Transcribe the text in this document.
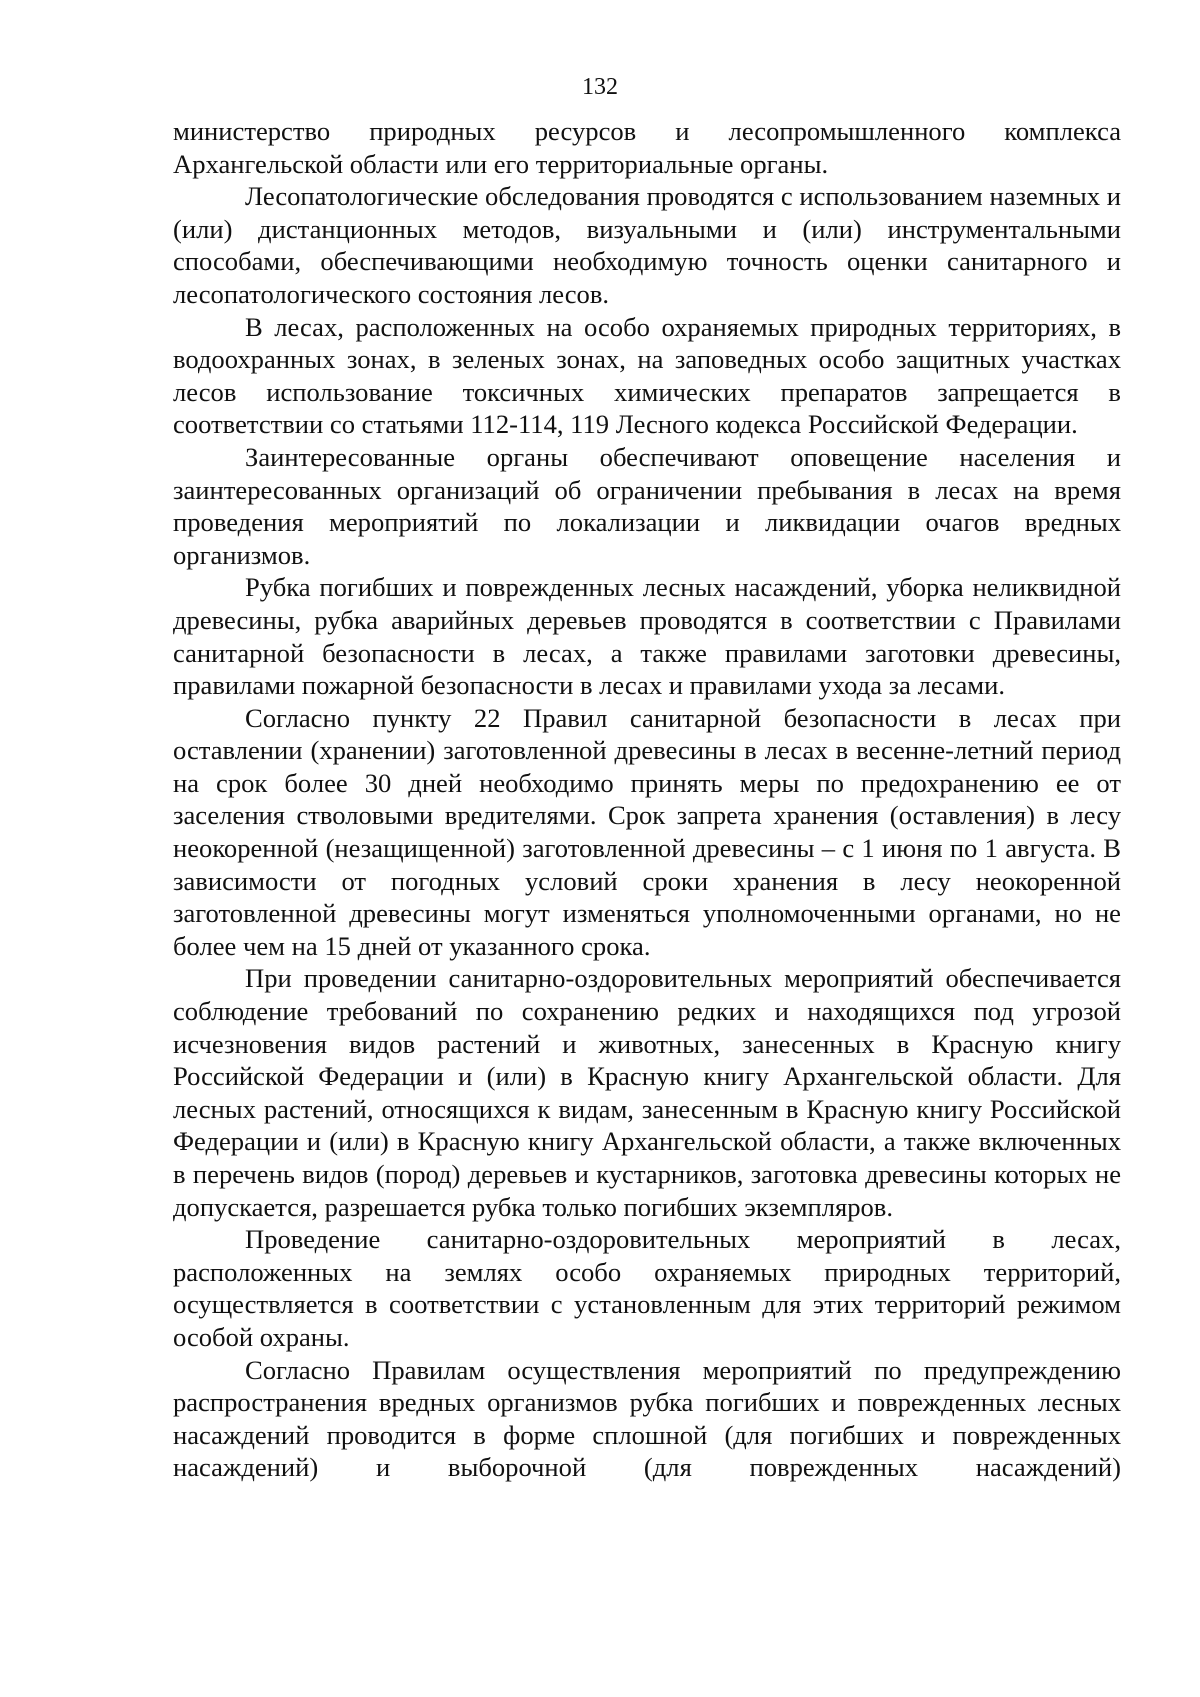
132

министерство природных ресурсов и лесопромышленного комплекса Архангельской области или его территориальные органы.

Лесопатологические обследования проводятся с использованием наземных и (или) дистанционных методов, визуальными и (или) инструментальными способами, обеспечивающими необходимую точность оценки санитарного и лесопатологического состояния лесов.

В лесах, расположенных на особо охраняемых природных территориях, в водоохранных зонах, в зеленых зонах, на заповедных особо защитных участках лесов использование токсичных химических препаратов запрещается в соответствии со статьями 112-114, 119 Лесного кодекса Российской Федерации.

Заинтересованные органы обеспечивают оповещение населения и заинтересованных организаций об ограничении пребывания в лесах на время проведения мероприятий по локализации и ликвидации очагов вредных организмов.

Рубка погибших и поврежденных лесных насаждений, уборка неликвидной древесины, рубка аварийных деревьев проводятся в соответствии с Правилами санитарной безопасности в лесах, а также правилами заготовки древесины, правилами пожарной безопасности в лесах и правилами ухода за лесами.

Согласно пункту 22 Правил санитарной безопасности в лесах при оставлении (хранении) заготовленной древесины в лесах в весенне-летний период на срок более 30 дней необходимо принять меры по предохранению ее от заселения стволовыми вредителями. Срок запрета хранения (оставления) в лесу неокоренной (незащищенной) заготовленной древесины – с 1 июня по 1 августа. В зависимости от погодных условий сроки хранения в лесу неокоренной заготовленной древесины могут изменяться уполномоченными органами, но не более чем на 15 дней от указанного срока.

При проведении санитарно-оздоровительных мероприятий обеспечивается соблюдение требований по сохранению редких и находящихся под угрозой исчезновения видов растений и животных, занесенных в Красную книгу Российской Федерации и (или) в Красную книгу Архангельской области. Для лесных растений, относящихся к видам, занесенным в Красную книгу Российской Федерации и (или) в Красную книгу Архангельской области, а также включенных в перечень видов (пород) деревьев и кустарников, заготовка древесины которых не допускается, разрешается рубка только погибших экземпляров.

Проведение санитарно-оздоровительных мероприятий в лесах, расположенных на землях особо охраняемых природных территорий, осуществляется в соответствии с установленным для этих территорий режимом особой охраны.

Согласно Правилам осуществления мероприятий по предупреждению распространения вредных организмов рубка погибших и поврежденных лесных насаждений проводится в форме сплошной (для погибших и поврежденных насаждений) и выборочной (для поврежденных насаждений)
